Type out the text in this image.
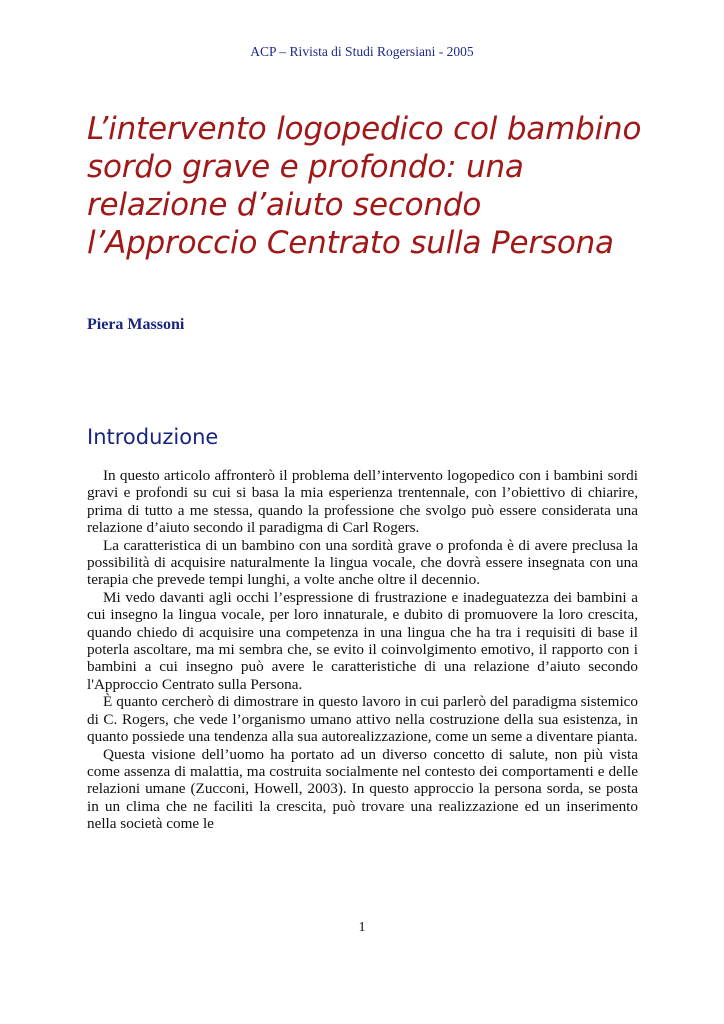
ACP – Rivista di Studi Rogersiani - 2005
L’intervento logopedico col bambino
sordo grave e profondo: una
relazione d’aiuto secondo
l’Approccio Centrato sulla Persona
Piera Massoni
Introduzione

In questo articolo affronterò il problema dell’intervento logopedico con i bambini sordi gravi e profondi su cui si basa la mia esperienza trentennale, con l’obiettivo di chiarire, prima di tutto a me stessa, quando la professione che svolgo può essere considerata una relazione d’aiuto secondo il paradigma di Carl Rogers.

La caratteristica di un bambino con una sordità grave o profonda è di avere preclusa la possibilità di acquisire naturalmente la lingua vocale, che dovrà essere insegnata con una terapia che prevede tempi lunghi, a volte anche oltre il decennio.

Mi vedo davanti agli occhi l’espressione di frustrazione e inadeguatezza dei bambini a cui insegno la lingua vocale, per loro innaturale, e dubito di promuovere la loro crescita, quando chiedo di acquisire una competenza in una lingua che ha tra i requisiti di base il poterla ascoltare, ma mi sembra che, se evito il coinvolgimento emotivo, il rapporto con i bambini a cui insegno può avere le caratteristiche di una relazione d’aiuto secondo l'Approccio Centrato sulla Persona.

È quanto cercherò di dimostrare in questo lavoro in cui parlerò del paradigma sistemico di C. Rogers, che vede l’organismo umano attivo nella costruzione della sua esistenza, in quanto possiede una tendenza alla sua autorealizzazione, come un seme a diventare pianta.

Questa visione dell’uomo ha portato ad un diverso concetto di salute, non più vista come assenza di malattia, ma costruita socialmente nel contesto dei comportamenti e delle relazioni umane (Zucconi, Howell, 2003). In questo approccio la persona sorda, se posta in un clima che ne faciliti la crescita, può trovare una realizzazione ed un inserimento nella società come le

1
